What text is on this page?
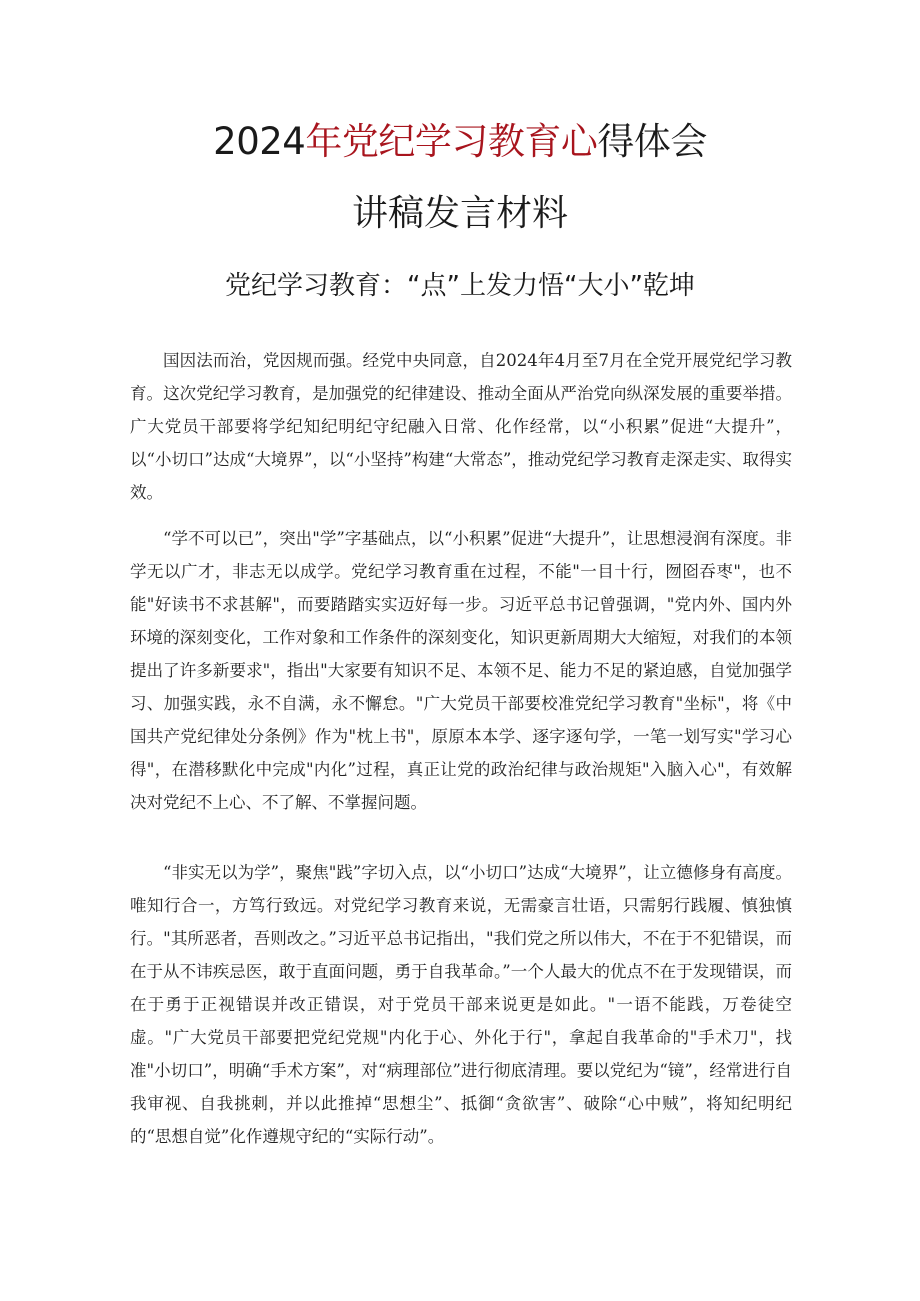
2024年党纪学习教育心得体会
讲稿发言材料
党纪学习教育：“点”上发力悟“大小”乾坤

国因法而治，党因规而强。经党中央同意，自2024年4月至7月在全党开展党纪学习教育。这次党纪学习教育，是加强党的纪律建设、推动全面从严治党向纵深发展的重要举措。广大党员干部要将学纪知纪明纪守纪融入日常、化作经常，以“小积累”促进“大提升”，以“小切口”达成“大境界”，以“小坚持”构建“大常态”，推动党纪学习教育走深走实、取得实效。

“学不可以已”，突出"学”字基础点，以“小积累”促进“大提升”，让思想浸润有深度。非学无以广才，非志无以成学。党纪学习教育重在过程，不能"一目十行，囫囵吞枣"，也不能"好读书不求甚解"，而要踏踏实实迈好每一步。习近平总书记曾强调，"党内外、国内外环境的深刻变化，工作对象和工作条件的深刻变化，知识更新周期大大缩短，对我们的本领提出了许多新要求"，指出"大家要有知识不足、本领不足、能力不足的紧迫感，自觉加强学习、加强实践，永不自满，永不懈怠。"广大党员干部要校准党纪学习教育"坐标"，将《中国共产党纪律处分条例》作为"枕上书"，原原本本学、逐字逐句学，一笔一划写实"学习心得"，在潜移默化中完成"内化”过程，真正让党的政治纪律与政治规矩"入脑入心"，有效解决对党纪不上心、不了解、不掌握问题。

“非实无以为学”，聚焦"践”字切入点，以“小切口”达成“大境界”，让立德修身有高度。唯知行合一，方笃行致远。对党纪学习教育来说，无需豪言壮语，只需躬行践履、慎独慎行。"其所恶者，吾则改之。”习近平总书记指出，"我们党之所以伟大，不在于不犯错误，而在于从不讳疾忌医，敢于直面问题，勇于自我革命。”一个人最大的优点不在于发现错误，而在于勇于正视错误并改正错误，对于党员干部来说更是如此。"一语不能践，万卷徒空虚。"广大党员干部要把党纪党规"内化于心、外化于行"，拿起自我革命的"手术刀"，找准"小切口”，明确“手术方案”，对“病理部位”进行彻底清理。要以党纪为“镜”，经常进行自我审视、自我挑刺，并以此推掉“思想尘”、抵御“贪欲害”、破除“心中贼”，将知纪明纪的“思想自觉”化作遵规守纪的“实际行动”。
